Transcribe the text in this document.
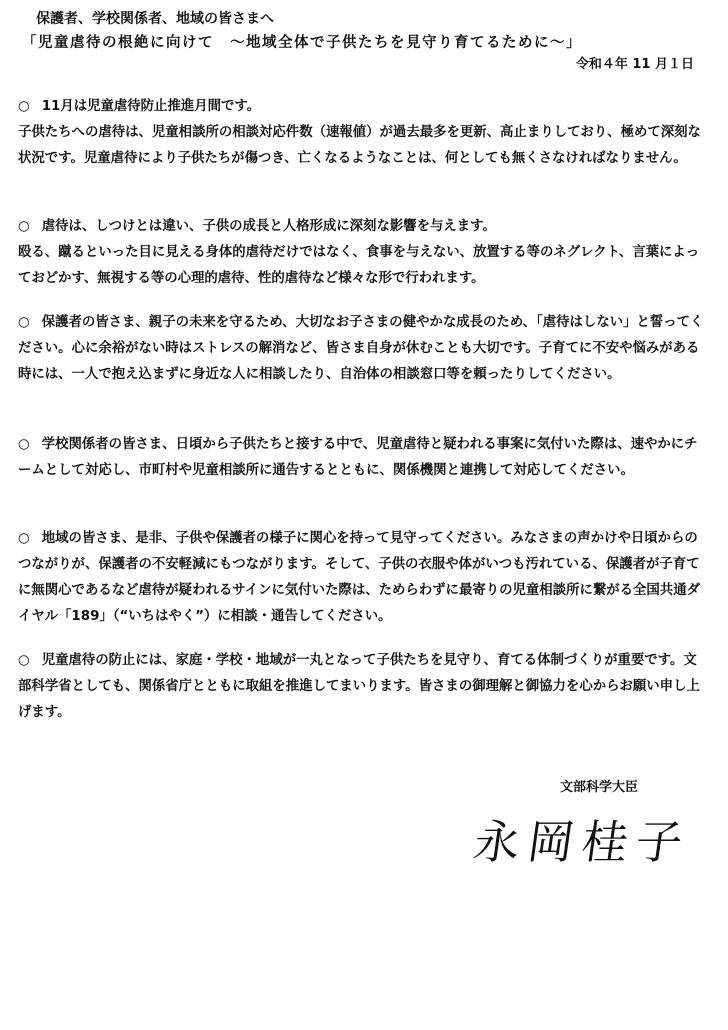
保護者、学校関係者、地域の皆さまへ
「児童虐待の根絶に向けて　～地域全体で子供たちを見守り育てるために～」
令和４年 11 月１日

○ 11月は児童虐待防止推進月間です。

子供たちへの虐待は、児童相談所の相談対応件数（速報値）が過去最多を更新、高止まりしており、極めて深刻な状況です。児童虐待により子供たちが傷つき、亡くなるようなことは、何としても無くさなければなりません。

○ 虐待は、しつけとは違い、子供の成長と人格形成に深刻な影響を与えます。

殴る、蹴るといった目に見える身体的虐待だけではなく、食事を与えない、放置する等のネグレクト、言葉によっておどかす、無視する等の心理的虐待、性的虐待など様々な形で行われます。

○ 保護者の皆さま、親子の未来を守るため、大切なお子さまの健やかな成長のため、「虐待はしない」と誓ってください。心に余裕がない時はストレスの解消など、皆さま自身が休むことも大切です。子育てに不安や悩みがある時には、一人で抱え込まずに身近な人に相談したり、自治体の相談窓口等を頼ったりしてください。

○ 学校関係者の皆さま、日頃から子供たちと接する中で、児童虐待と疑われる事案に気付いた際は、速やかにチームとして対応し、市町村や児童相談所に通告するとともに、関係機関と連携して対応してください。

○ 地域の皆さま、是非、子供や保護者の様子に関心を持って見守ってください。みなさまの声かけや日頃からのつながりが、保護者の不安軽減にもつながります。そして、子供の衣服や体がいつも汚れている、保護者が子育てに無関心であるなど虐待が疑われるサインに気付いた際は、ためらわずに最寄りの児童相談所に繋がる全国共通ダイヤル「189」（“いちはやく”）に相談・通告してください。

○ 児童虐待の防止には、家庭・学校・地域が一丸となって子供たちを見守り、育てる体制づくりが重要です。文部科学省としても、関係省庁とともに取組を推進してまいります。皆さまの御理解と御協力を心からお願い申し上げます。

文部科学大臣
永岡桂子
